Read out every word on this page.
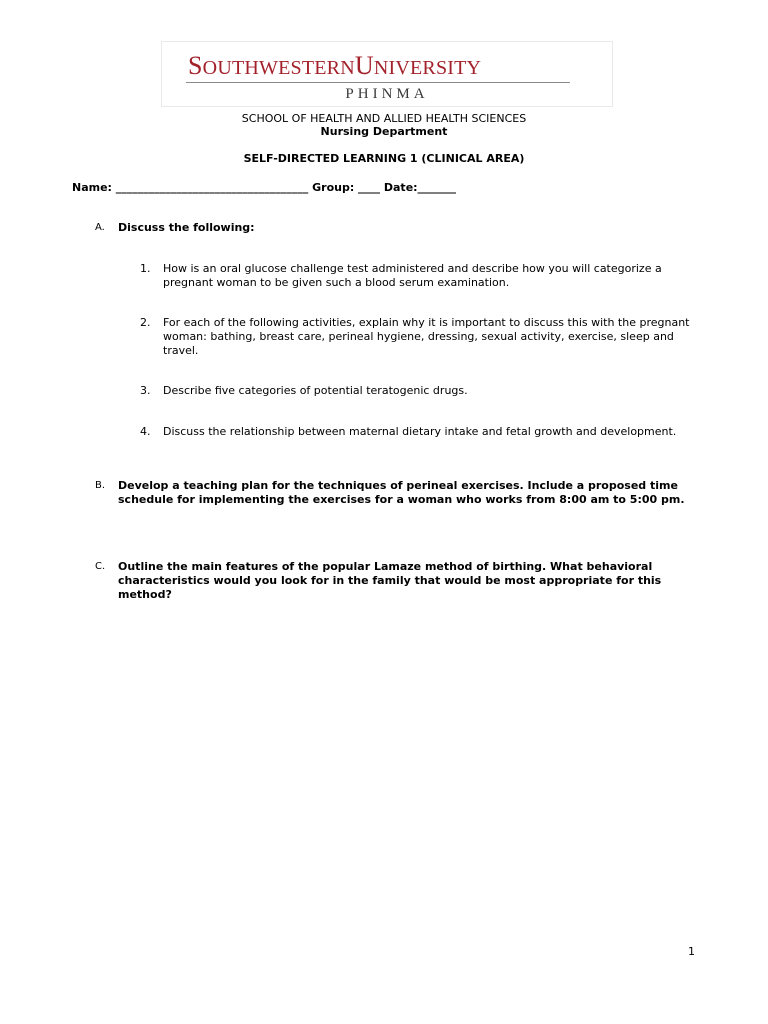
SOUTHWESTERNUNIVERSITY
PHINMA
SCHOOL OF HEALTH AND ALLIED HEALTH SCIENCES
Nursing Department
SELF-DIRECTED LEARNING 1 (CLINICAL AREA)
Name: ___________________________________ Group: ____ Date:_______
A. Discuss the following:
1.	How is an oral glucose challenge test administered and describe how you will categorize a pregnant woman to be given such a blood serum examination.
2.	For each of the following activities, explain why it is important to discuss this with the pregnant woman: bathing, breast care, perineal hygiene, dressing, sexual activity, exercise, sleep and travel.
3.	Describe five categories of potential teratogenic drugs.
4.	Discuss the relationship between maternal dietary intake and fetal growth and development.
B. Develop a teaching plan for the techniques of perineal exercises. Include a proposed time schedule for implementing the exercises for a woman who works from 8:00 am to 5:00 pm.
C. Outline the main features of the popular Lamaze method of birthing. What behavioral characteristics would you look for in the family that would be most appropriate for this method?
1
